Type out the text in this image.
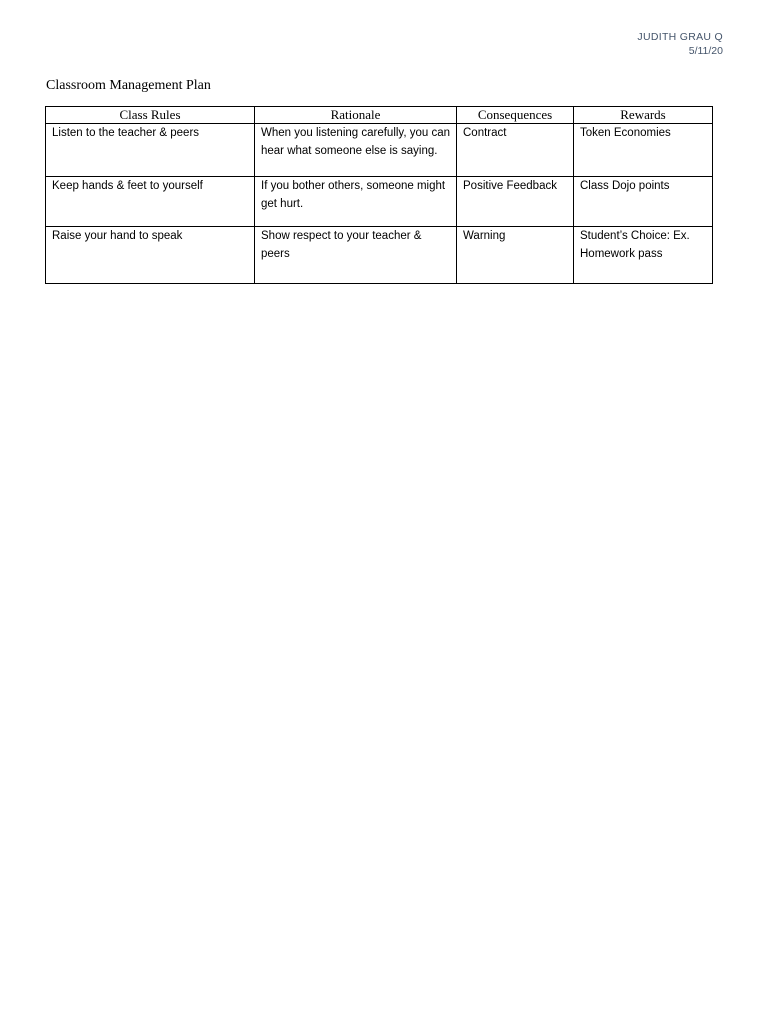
JUDITH GRAU Q
5/11/20
Classroom Management Plan
Class Rules	Rationale	Consequences	Rewards
Listen to the teacher & peers	When you listening carefully, you can hear what someone else is saying.	Contract	Token Economies
Keep hands & feet to yourself	If you bother others, someone might get hurt.	Positive Feedback	Class Dojo points
Raise your hand to speak	Show respect to your teacher & peers	Warning	Student’s Choice: Ex. Homework pass
